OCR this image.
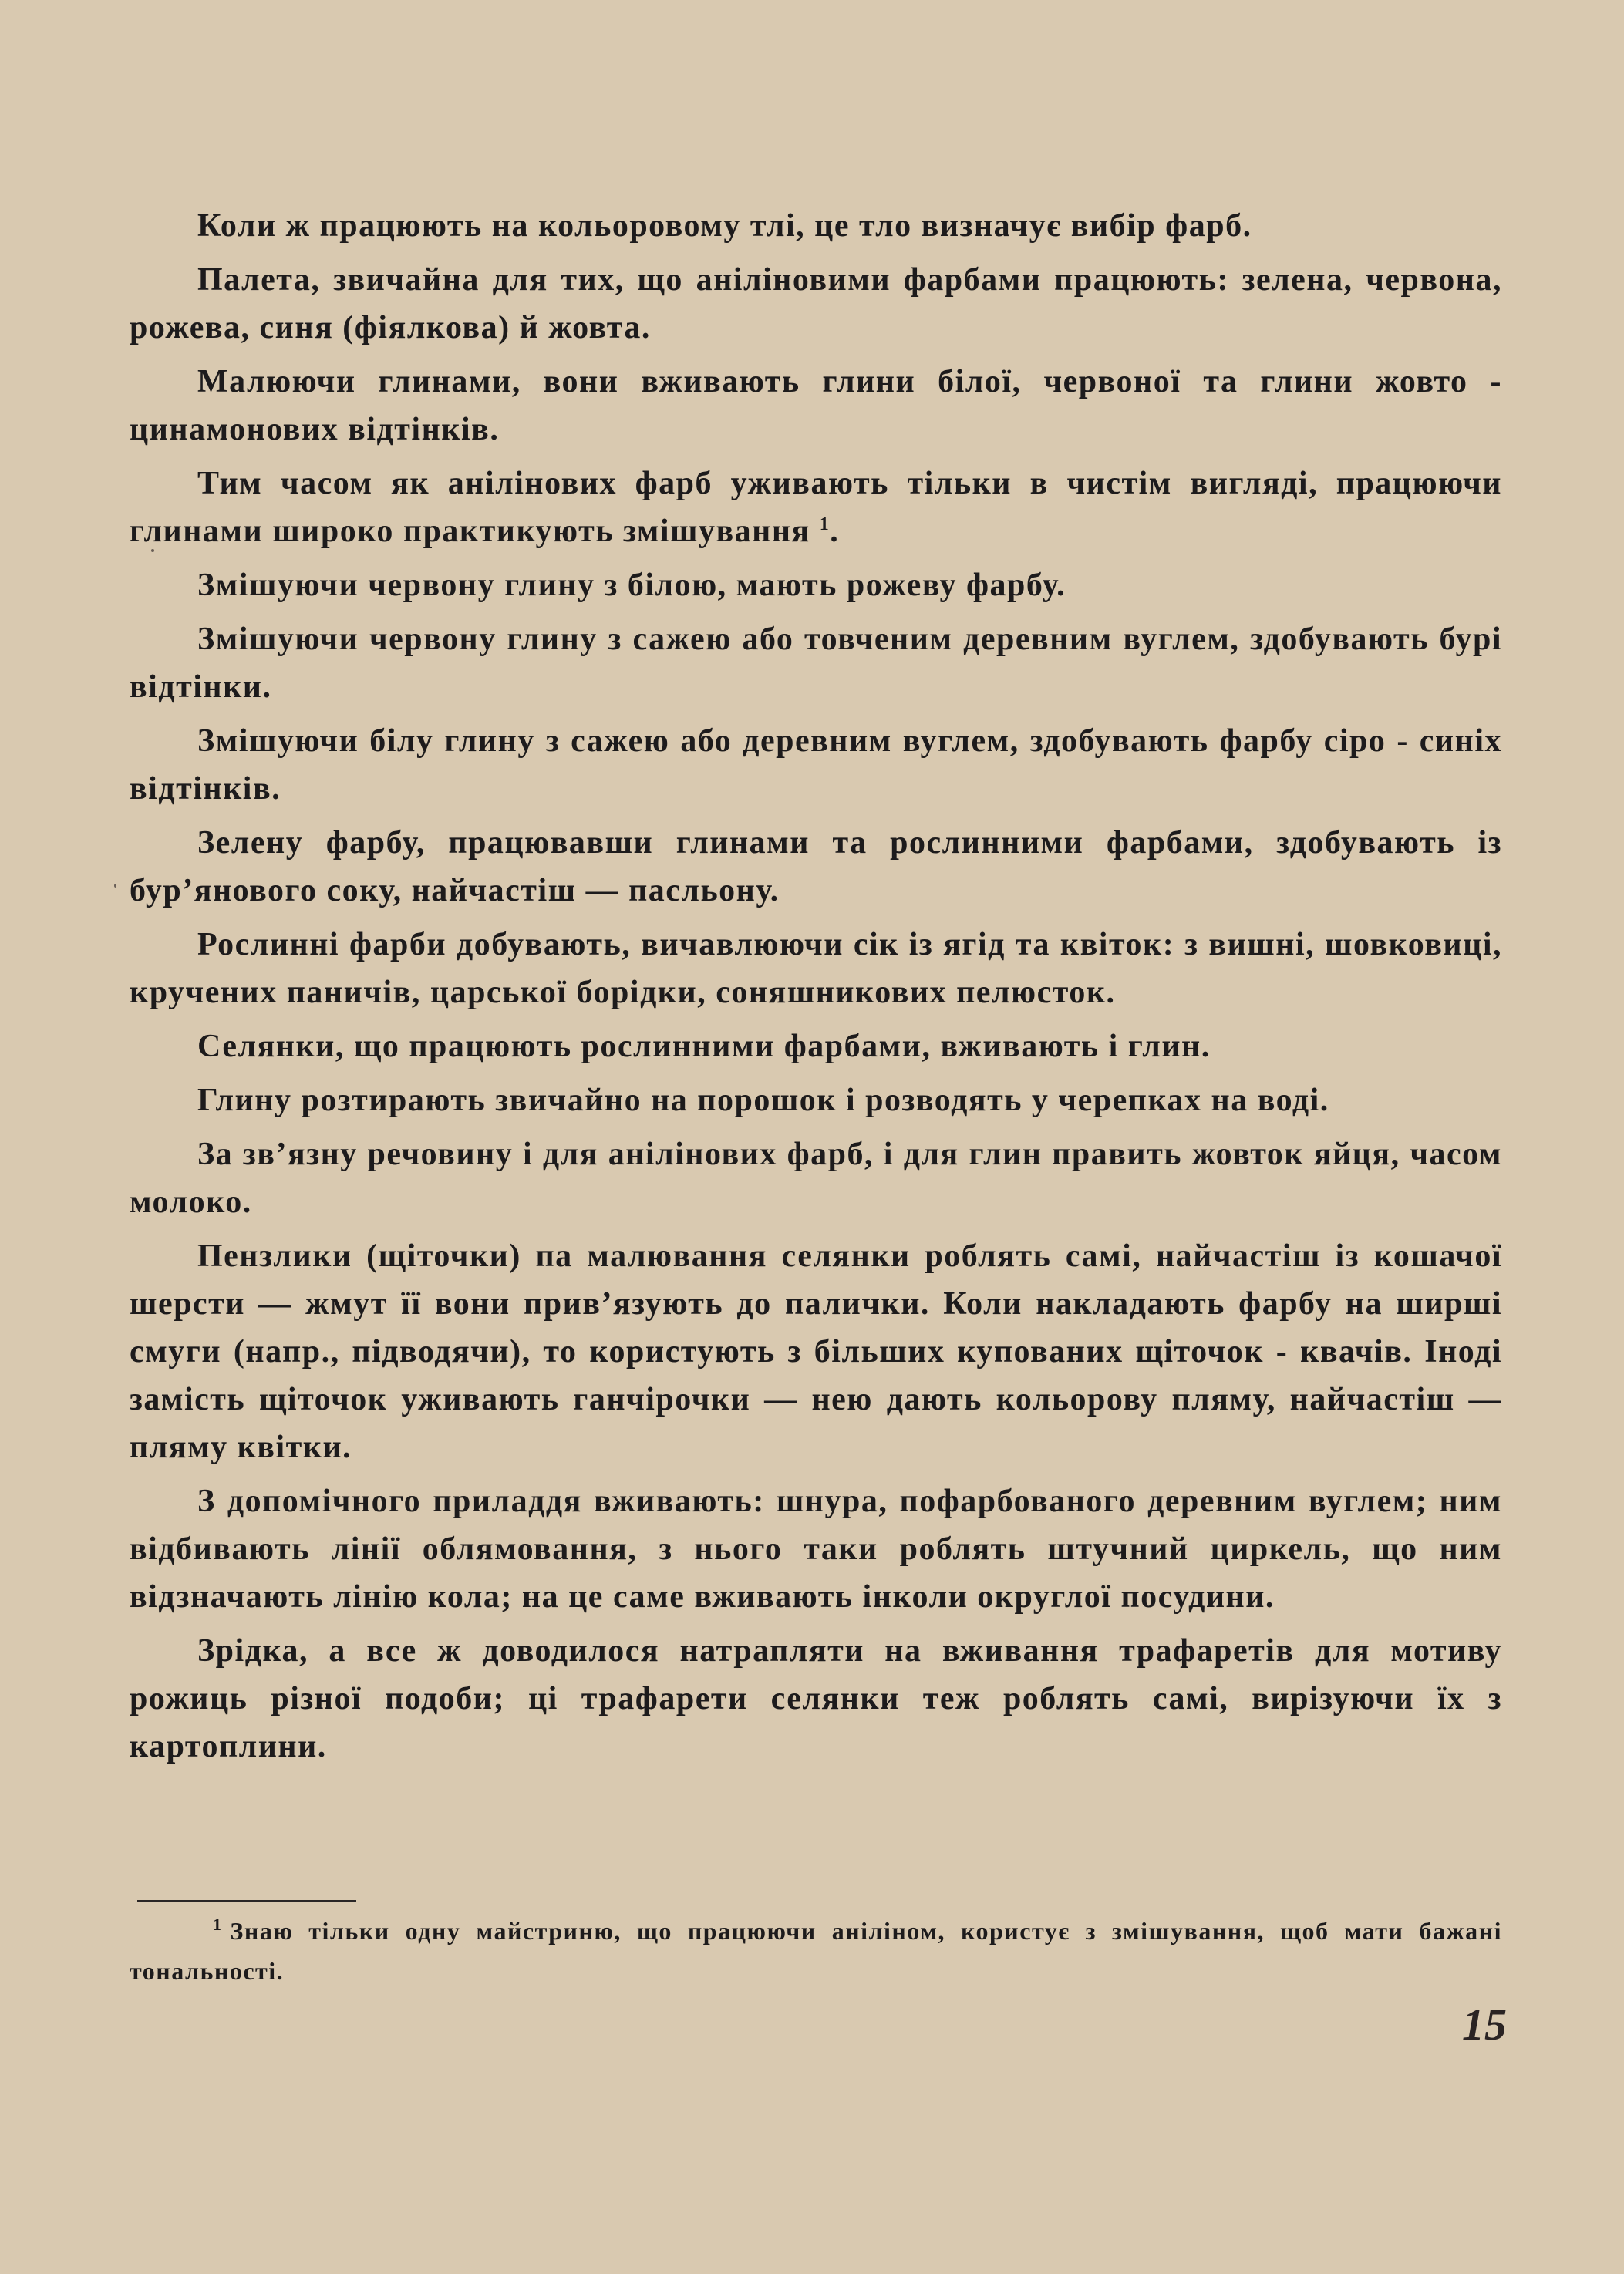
Коли ж працюють на кольоровому тлі, це тло визначує вибір фарб.

Палета, звичайна для тих, що аніліновими фарбами працюють: зелена, червона, рожева, синя (фіялкова) й жовта.

Малюючи глинами, вони вживають глини білої, червоної та глини жовто - цинамонових відтінків.

Тим часом як анілінових фарб уживають тільки в чистім вигляді, працюючи глинами широко практикують змішування $^1$.

Змішуючи червону глину з білою, мають рожеву фарбу.

Змішуючи червону глину з сажею або товченим деревним вуглем, здобувають бурі відтінки.

Змішуючи білу глину з сажею або деревним вуглем, здобувають фарбу сіро - синіх відтінків.

Зелену фарбу, працювавши глинами та рослинними фарбами, здобувають із бур’янового соку, найчастіш — пасльону.

Рослинні фарби добувають, вичавлюючи сік із ягід та квіток: з вишні, шовковиці, кручених паничів, царської борідки, соняшникових пелюсток.

Селянки, що працюють рослинними фарбами, вживають і глин.

Глину розтирають звичайно на порошок і розводять у черепках на воді.

За зв’язну речовину і для анілінових фарб, і для глин править жовток яйця, часом молоко.

Пензлики (щіточки) па малювання селянки роблять самі, найчастіш із кошачої шерсти — жмут її вони прив’язують до палички. Коли накладають фарбу на ширші смуги (напр., підводячи), то користують з більших купованих щіточок - квачів. Іноді замість щіточок уживають ганчірочки — нею дають кольорову пляму, найчастіш — пляму квітки.

З допомічного приладдя вживають: шнура, пофарбованого деревним вуглем; ним відбивають лінії облямовання, з нього таки роблять штучний циркель, що ним відзначають лінію кола; на це саме вживають інколи округлої посудини.

Зрідка, а все ж доводилося натрапляти на вживання трафаретів для мотиву рожиць різної подоби; ці трафарети селянки теж роблять самі, вирізуючи їх з картоплини.

$^1$ Знаю тільки одну майстриню, що працюючи аніліном, користує з змішування, щоб мати бажані тональності.
15
